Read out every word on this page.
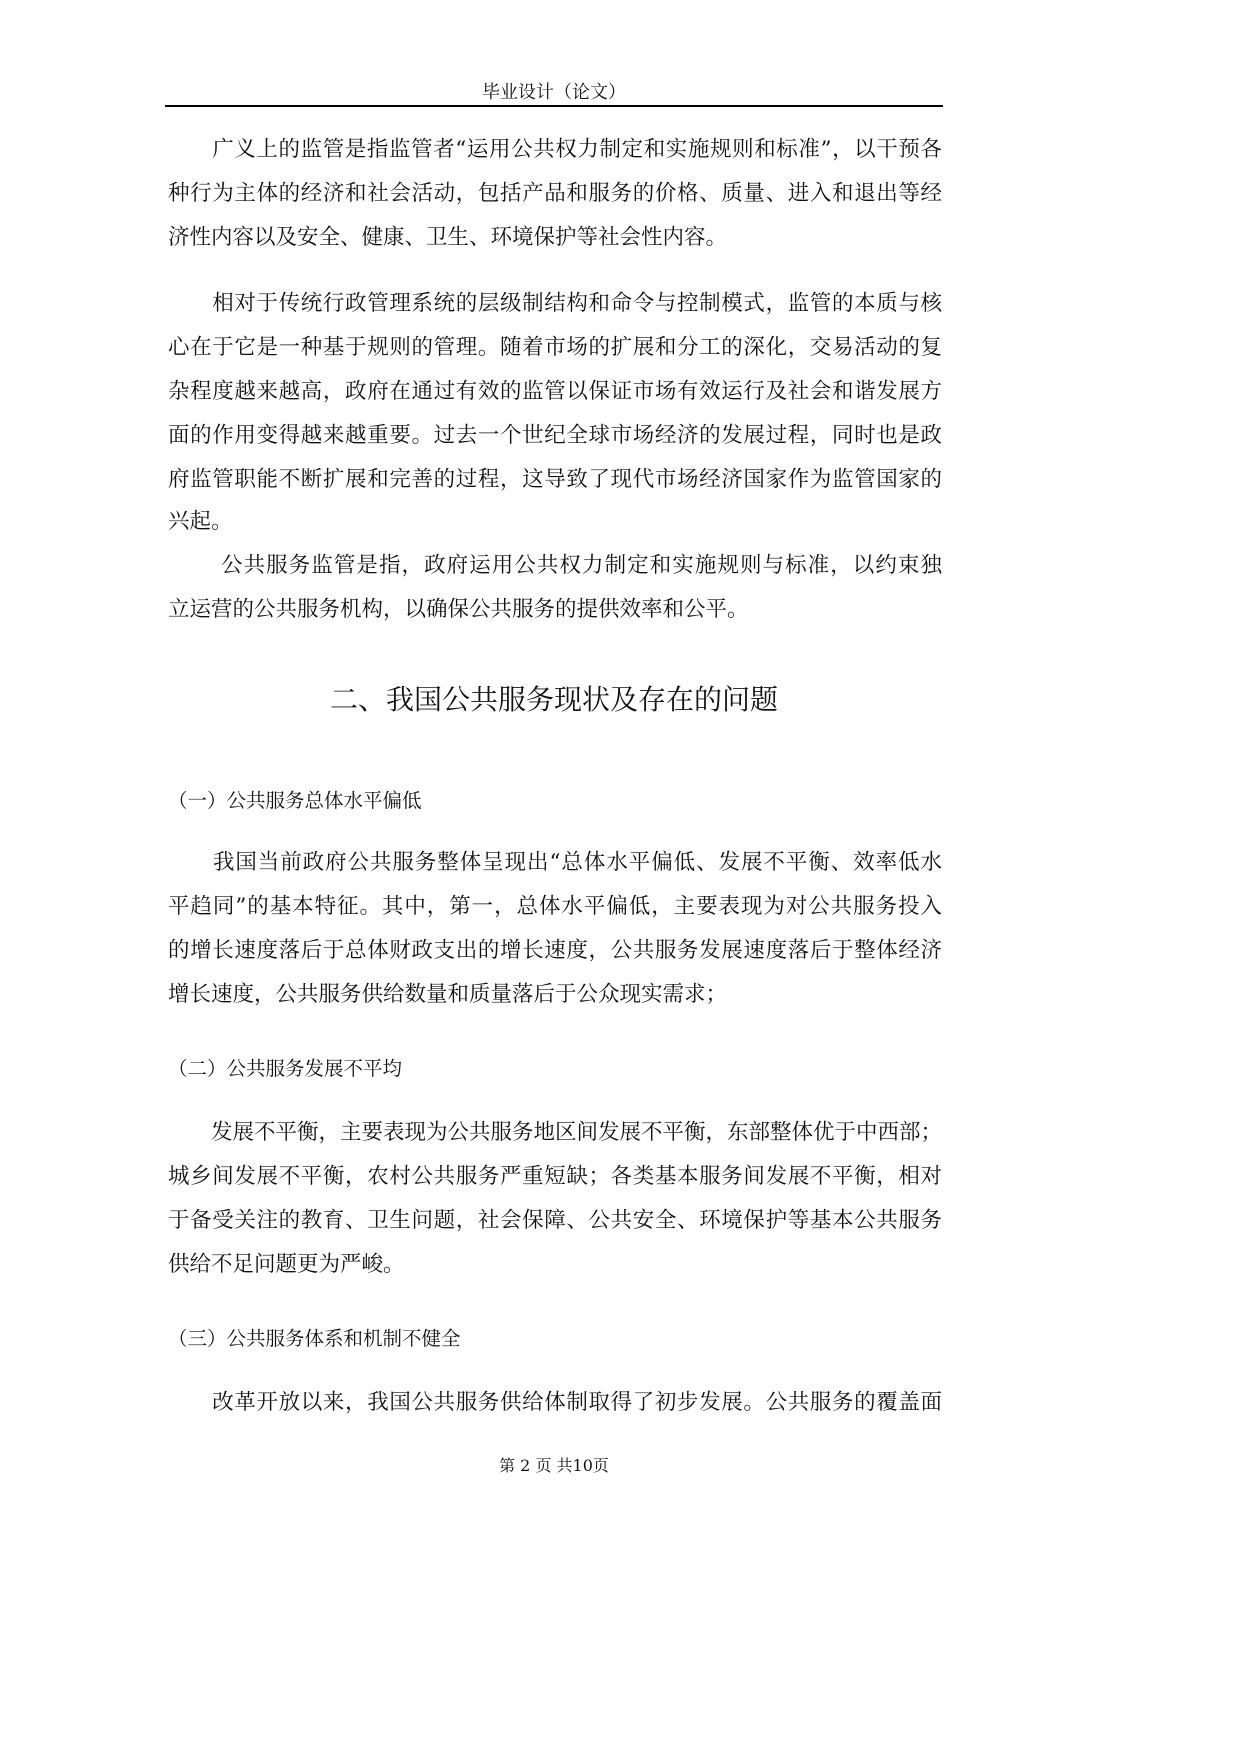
毕业设计（论文）
　　广义上的监管是指监管者“运用公共权力制定和实施规则和标准”，以干预各
种行为主体的经济和社会活动，包括产品和服务的价格、质量、进入和退出等经
济性内容以及安全、健康、卫生、环境保护等社会性内容。
　　相对于传统行政管理系统的层级制结构和命令与控制模式，监管的本质与核
心在于它是一种基于规则的管理。随着市场的扩展和分工的深化，交易活动的复
杂程度越来越高，政府在通过有效的监管以保证市场有效运行及社会和谐发展方
面的作用变得越来越重要。过去一个世纪全球市场经济的发展过程，同时也是政
府监管职能不断扩展和完善的过程，这导致了现代市场经济国家作为监管国家的
兴起。
　　 公共服务监管是指，政府运用公共权力制定和实施规则与标准，以约束独
立运营的公共服务机构，以确保公共服务的提供效率和公平。
二、我国公共服务现状及存在的问题
（一）公共服务总体水平偏低
　　我国当前政府公共服务整体呈现出“总体水平偏低、发展不平衡、效率低水
平趋同”的基本特征。其中，第一，总体水平偏低，主要表现为对公共服务投入
的增长速度落后于总体财政支出的增长速度，公共服务发展速度落后于整体经济
增长速度，公共服务供给数量和质量落后于公众现实需求；
（二）公共服务发展不平均
　　发展不平衡，主要表现为公共服务地区间发展不平衡，东部整体优于中西部；
城乡间发展不平衡，农村公共服务严重短缺；各类基本服务间发展不平衡，相对
于备受关注的教育、卫生问题，社会保障、公共安全、环境保护等基本公共服务
供给不足问题更为严峻。
（三）公共服务体系和机制不健全
　　改革开放以来，我国公共服务供给体制取得了初步发展。公共服务的覆盖面
第 2 页 共10页
